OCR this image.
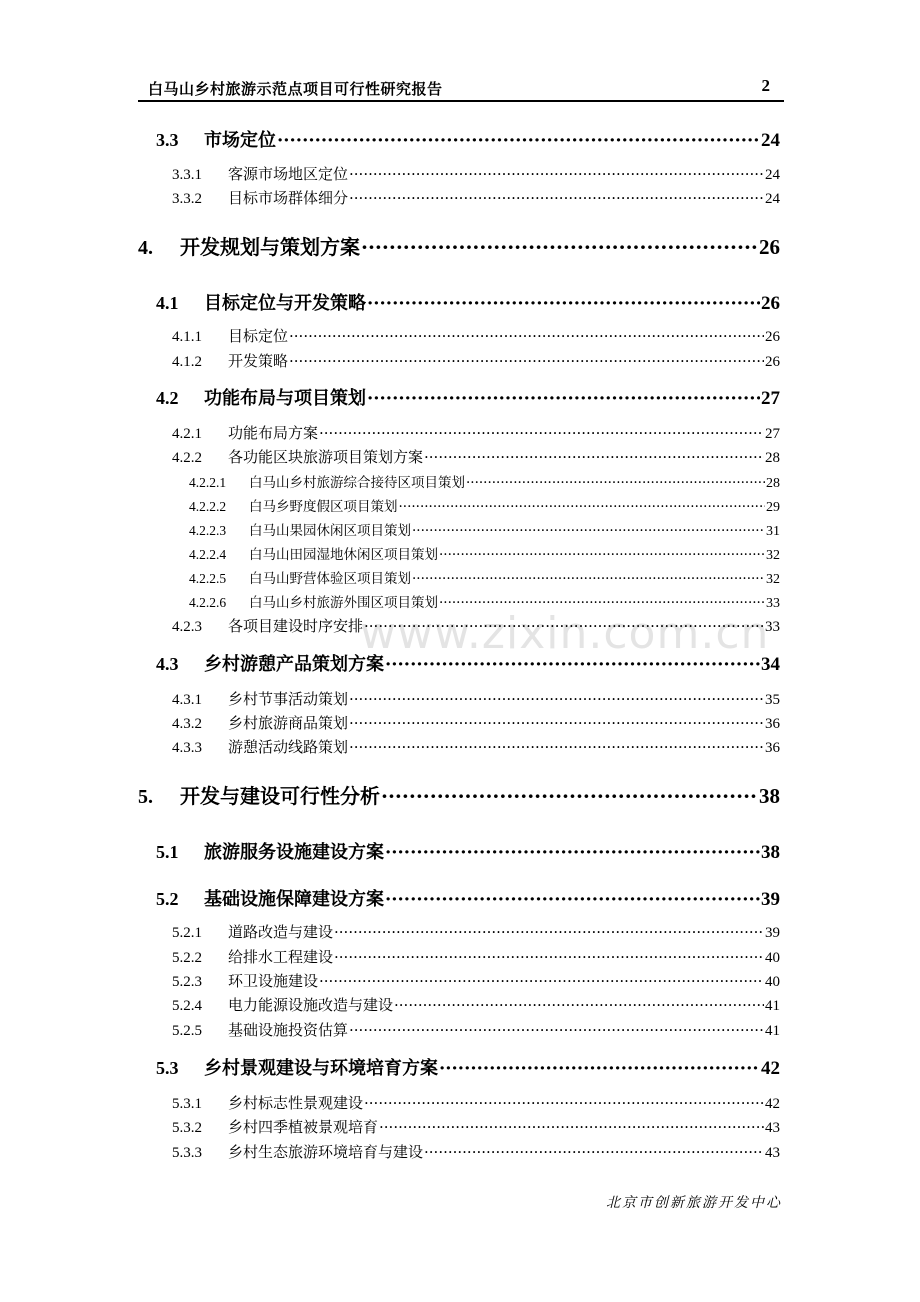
白马山乡村旅游示范点项目可行性研究报告	2
www.zixin.com.cn
3.3	市场定位 ·····	24
3.3.1	客源市场地区定位 ·····	24
3.3.2	目标市场群体细分 ·····	24
4.	开发规划与策划方案 ·····	26
4.1	目标定位与开发策略 ·····	26
4.1.1	目标定位 ·····	26
4.1.2	开发策略 ·····	26
4.2	功能布局与项目策划 ·····	27
4.2.1	功能布局方案 ·····	27
4.2.2	各功能区块旅游项目策划方案 ·····	28
4.2.2.1	白马山乡村旅游综合接待区项目策划 ·····	28
4.2.2.2	白马乡野度假区项目策划 ·····	29
4.2.2.3	白马山果园休闲区项目策划 ·····	31
4.2.2.4	白马山田园湿地休闲区项目策划 ·····	32
4.2.2.5	白马山野营体验区项目策划 ·····	32
4.2.2.6	白马山乡村旅游外围区项目策划 ·····	33
4.2.3	各项目建设时序安排 ·····	33
4.3	乡村游憩产品策划方案 ·····	34
4.3.1	乡村节事活动策划 ·····	35
4.3.2	乡村旅游商品策划 ·····	36
4.3.3	游憩活动线路策划 ·····	36
5.	开发与建设可行性分析 ·····	38
5.1	旅游服务设施建设方案 ·····	38
5.2	基础设施保障建设方案 ·····	39
5.2.1	道路改造与建设 ·····	39
5.2.2	给排水工程建设 ·····	40
5.2.3	环卫设施建设 ·····	40
5.2.4	电力能源设施改造与建设 ·····	41
5.2.5	基础设施投资估算 ·····	41
5.3	乡村景观建设与环境培育方案 ·····	42
5.3.1	乡村标志性景观建设 ·····	42
5.3.2	乡村四季植被景观培育 ·····	43
5.3.3	乡村生态旅游环境培育与建设 ·····	43
北京市创新旅游开发中心
